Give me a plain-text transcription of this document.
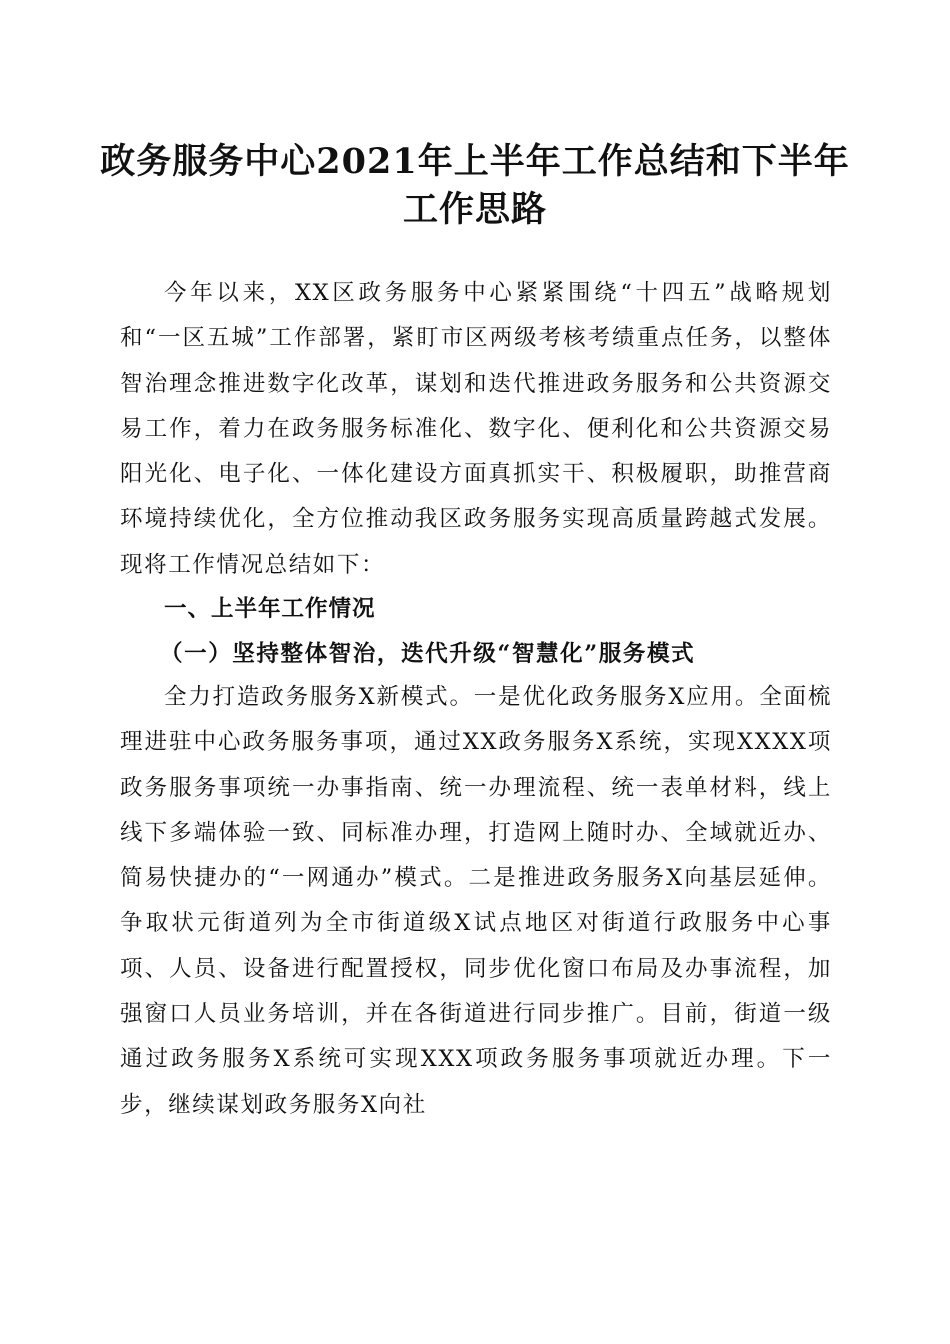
政务服务中心2021年上半年工作总结和下半年工作思路

今年以来，XX区政务服务中心紧紧围绕“十四五”战略规划和“一区五城”工作部署，紧盯市区两级考核考绩重点任务，以整体智治理念推进数字化改革，谋划和迭代推进政务服务和公共资源交易工作，着力在政务服务标准化、数字化、便利化和公共资源交易阳光化、电子化、一体化建设方面真抓实干、积极履职，助推营商环境持续优化，全方位推动我区政务服务实现高质量跨越式发展。现将工作情况总结如下：

一、上半年工作情况
（一）坚持整体智治，迭代升级“智慧化”服务模式

全力打造政务服务X新模式。一是优化政务服务X应用。全面梳理进驻中心政务服务事项，通过XX政务服务X系统，实现XXXX项政务服务事项统一办事指南、统一办理流程、统一表单材料，线上线下多端体验一致、同标准办理，打造网上随时办、全域就近办、简易快捷办的“一网通办”模式。二是推进政务服务X向基层延伸。争取状元街道列为全市街道级X试点地区对街道行政服务中心事项、人员、设备进行配置授权，同步优化窗口布局及办事流程，加强窗口人员业务培训，并在各街道进行同步推广。目前，街道一级通过政务服务X系统可实现XXX项政务服务事项就近办理。下一步，继续谋划政务服务X向社
